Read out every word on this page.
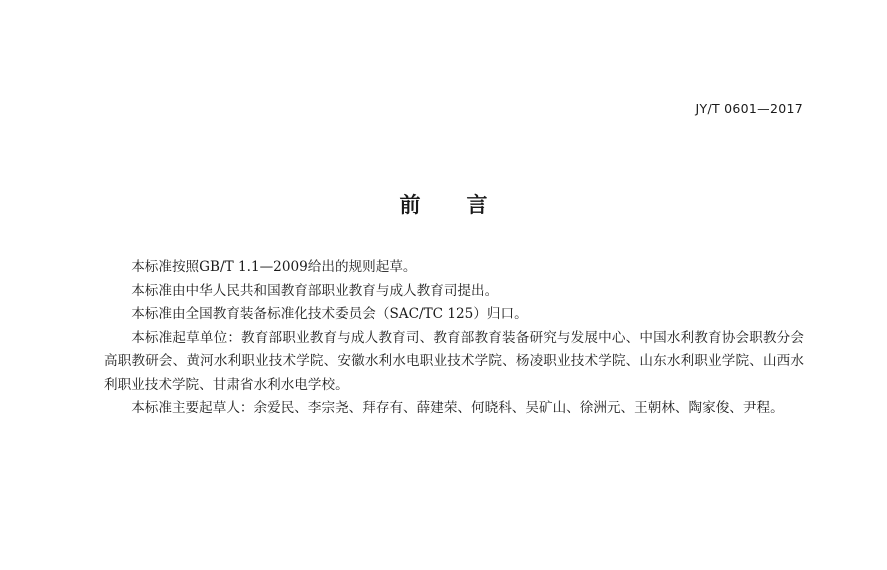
JY/T 0601—2017
前 言

本标准按照GB/T 1.1—2009给出的规则起草。

本标准由中华人民共和国教育部职业教育与成人教育司提出。

本标准由全国教育装备标准化技术委员会（SAC/TC 125）归口。

本标准起草单位：教育部职业教育与成人教育司、教育部教育装备研究与发展中心、中国水利教育协会职教分会高职教研会、黄河水利职业技术学院、安徽水利水电职业技术学院、杨凌职业技术学院、山东水利职业学院、山西水利职业技术学院、甘肃省水利水电学校。

本标准主要起草人：余爱民、李宗尧、拜存有、薛建荣、何晓科、吴矿山、徐洲元、王朝林、陶家俊、尹程。
